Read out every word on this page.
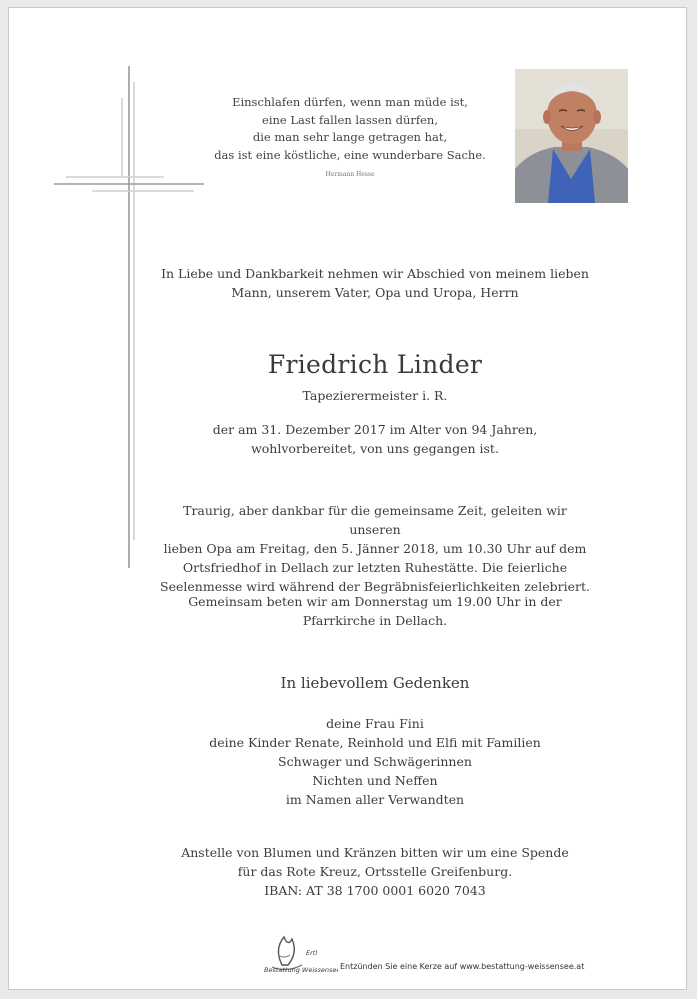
Einschlafen dürfen, wenn man müde ist,
eine Last fallen lassen dürfen,
die man sehr lange getragen hat,
das ist eine köstliche, eine wunderbare Sache.
Hermann Hesse
In Liebe und Dankbarkeit nehmen wir Abschied von meinem lieben
Mann, unserem Vater, Opa und Uropa, Herrn
Friedrich Linder
Tapezierermeister i. R.
der am 31. Dezember 2017 im Alter von 94 Jahren,
wohlvorbereitet, von uns gegangen ist.
Traurig, aber dankbar für die gemeinsame Zeit, geleiten wir unseren
lieben Opa am Freitag, den 5. Jänner 2018, um 10.30 Uhr auf dem
Ortsfriedhof in Dellach zur letzten Ruhestätte. Die feierliche
Seelenmesse wird während der Begräbnisfeierlichkeiten zelebriert.
Gemeinsam beten wir am Donnerstag um 19.00 Uhr in der
Pfarrkirche in Dellach.
In liebevollem Gedenken
deine Frau Fini
deine Kinder Renate, Reinhold und Elfi mit Familien
Schwager und Schwägerinnen
Nichten und Neffen
im Namen aller Verwandten
Anstelle von Blumen und Kränzen bitten wir um eine Spende
für das Rote Kreuz, Ortsstelle Greifenburg.
IBAN: AT 38 1700 0001 6020 7043
Ertl
Bestattung Weissensee Entzünden Sie eine Kerze auf www.bestattung-weissensee.at
